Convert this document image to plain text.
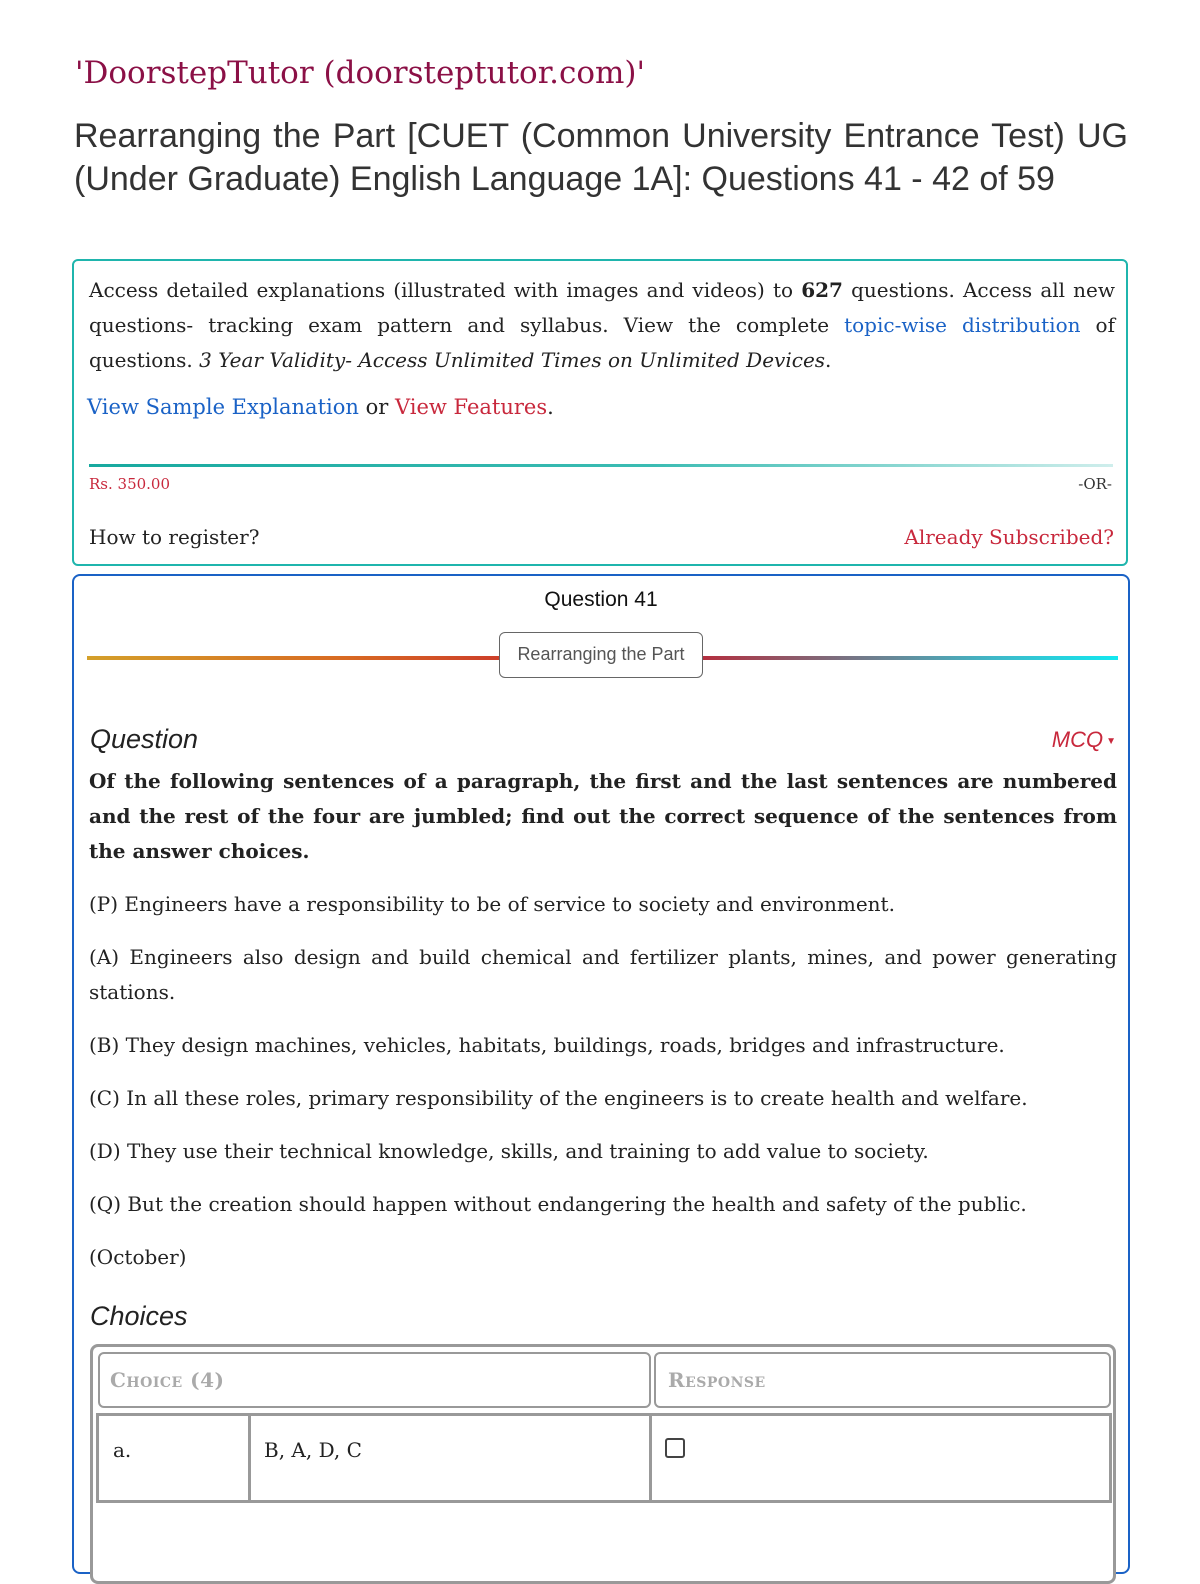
'DoorstepTutor (doorsteptutor.com)'
Rearranging the Part [CUET (Common University Entrance Test) UG (Under Graduate) English Language 1A]: Questions 41 - 42 of 59

Access detailed explanations (illustrated with images and videos) to 627 questions. Access all new questions- tracking exam pattern and syllabus. View the complete topic-wise distribution of questions. 3 Year Validity- Access Unlimited Times on Unlimited Devices.

View Sample Explanation or View Features.

Rs. 350.00	-OR-
How to register?	Already Subscribed?
Question 41
Rearranging the Part
Question	MCQ ▼

Of the following sentences of a paragraph, the first and the last sentences are numbered and the rest of the four are jumbled; find out the correct sequence of the sentences from the answer choices.

(P) Engineers have a responsibility to be of service to society and environment.

(A) Engineers also design and build chemical and fertilizer plants, mines, and power generating stations.

(B) They design machines, vehicles, habitats, buildings, roads, bridges and infrastructure.

(C) In all these roles, primary responsibility of the engineers is to create health and welfare.

(D) They use their technical knowledge, skills, and training to add value to society.

(Q) But the creation should happen without endangering the health and safety of the public.

(October)

Choices
Choice (4)	Response
a.	B, A, D, C
